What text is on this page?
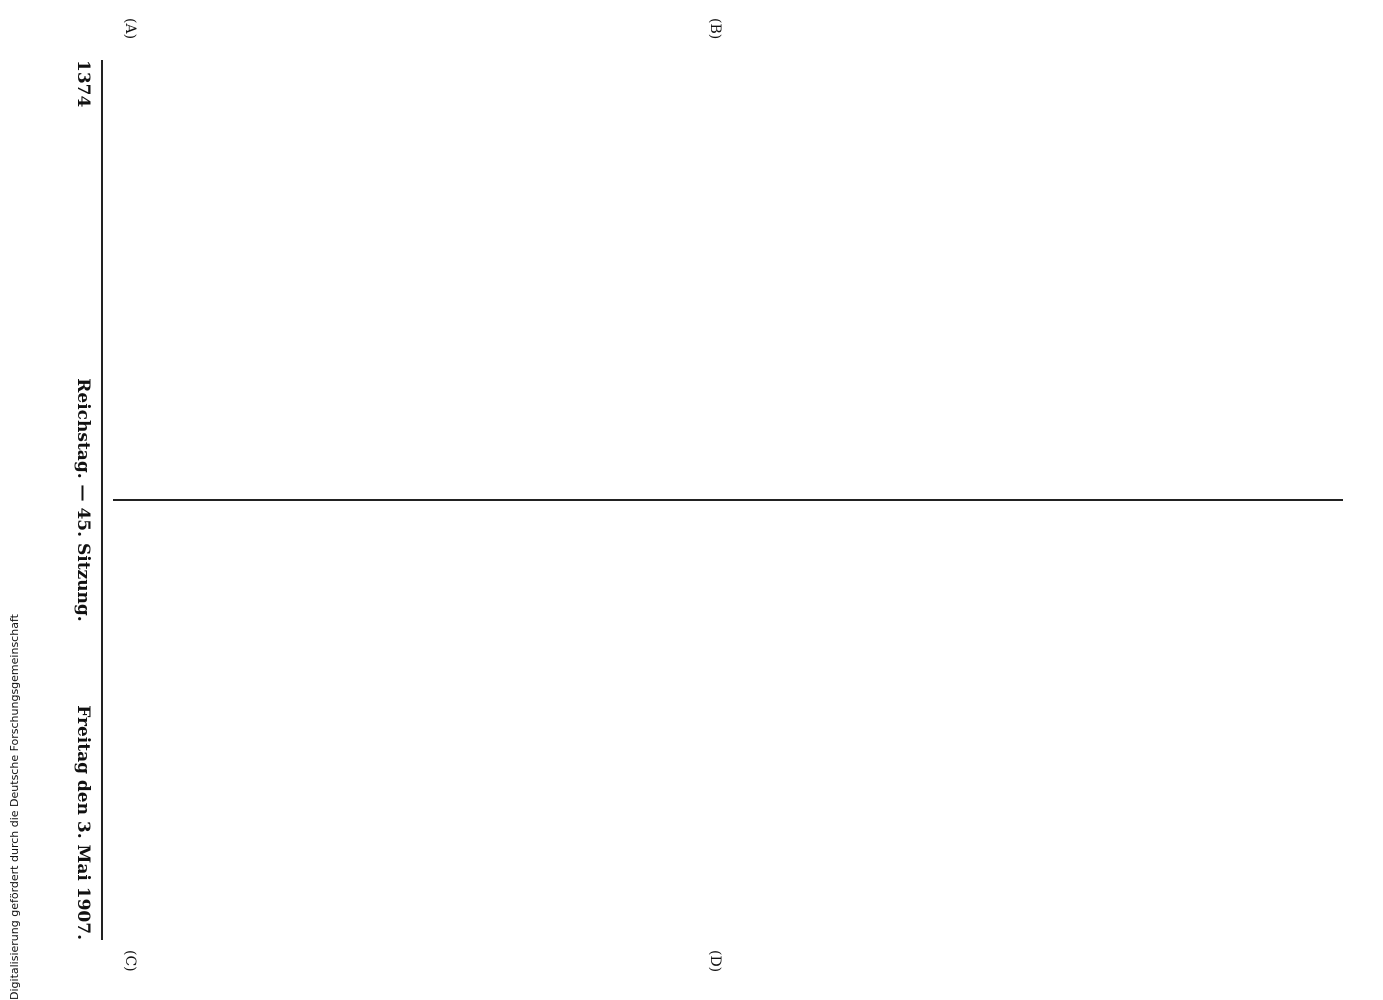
1374
Reichstag. — 45. Sitzung.
Freitag den 3. Mai 1907.
(A)	(B)
(C)	(D)
Digitalisierung gefördert durch die Deutsche Forschungsgemeinschaft
